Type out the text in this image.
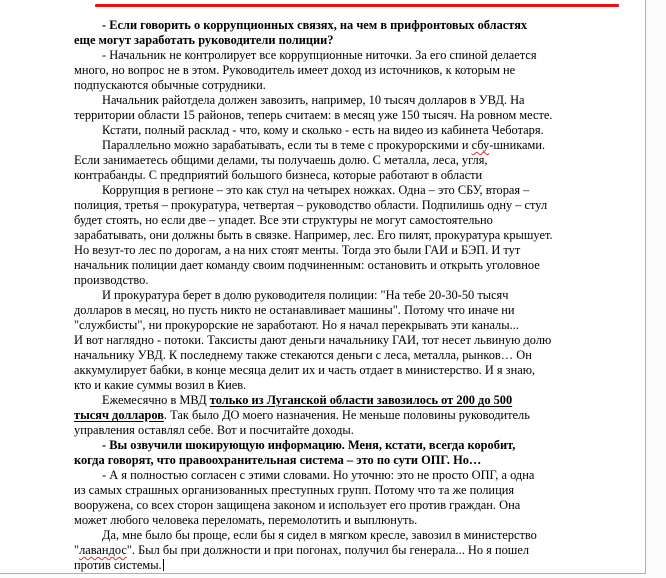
- Если говорить о коррупционных связях, на чем в прифронтовых областях
еще могут заработать руководители полиции?
- Начальник не контролирует все коррупционные ниточки. За его спиной делается
много, но вопрос не в этом. Руководитель имеет доход из источников, к которым не
подпускаются обычные сотрудники.
Начальник райотдела должен завозить, например, 10 тысяч долларов в УВД. На
территории области 15 районов, теперь считаем: в месяц уже 150 тысяч. На ровном месте.
Кстати, полный расклад - что, кому и сколько - есть на видео из кабинета Чеботаря.
Параллельно можно зарабатывать, если ты в теме с прокурорскими и сбу-шниками.
Если занимаетесь общими делами, ты получаешь долю. С металла, леса, угля,
контрабанды. С предприятий большого бизнеса, которые работают в области
Коррупция в регионе – это как стул на четырех ножках. Одна – это СБУ, вторая –
полиция, третья – прокуратура, четвертая – руководство области. Подпилишь одну – стул
будет стоять, но если две – упадет. Все эти структуры не могут самостоятельно
зарабатывать, они должны быть в связке. Например, лес. Его пилят, прокуратура крышует.
Но везут-то лес по дорогам, а на них стоят менты. Тогда это были ГАИ и БЭП. И тут
начальник полиции дает команду своим подчиненным: остановить и открыть уголовное
производство.
И прокуратура берет в долю руководителя полиции: "На тебе 20-30-50 тысяч
долларов в месяц, но пусть никто не останавливает машины". Потому что иначе ни
"службисты", ни прокурорские не заработают. Но я начал перекрывать эти каналы...
И вот наглядно - потоки. Таксисты дают деньги начальнику ГАИ, тот несет львиную долю
начальнику УВД. К последнему также стекаются деньги с леса, металла, рынков… Он
аккумулирует бабки, в конце месяца делит их и часть отдает в министерство. И я знаю,
кто и какие суммы возил в Киев.
Ежемесячно в МВД только из Луганской области завозилось от 200 до 500
тысяч долларов. Так было ДО моего назначения. Не меньше половины руководитель
управления оставлял себе. Вот и посчитайте доходы.
- Вы озвучили шокирующую информацию. Меня, кстати, всегда коробит,
когда говорят, что правоохранительная система – это по сути ОПГ. Но…
- А я полностью согласен с этими словами. Но уточню: это не просто ОПГ, а одна
из самых страшных организованных преступных групп. Потому что та же полиция
вооружена, со всех сторон защищена законом и использует его против граждан. Она
может любого человека переломать, перемолотить и выплюнуть.
Да, мне было бы проще, если бы я сидел в мягком кресле, завозил в министерство
"лавандос". Был бы при должности и при погонах, получил бы генерала... Но я пошел
против системы.
